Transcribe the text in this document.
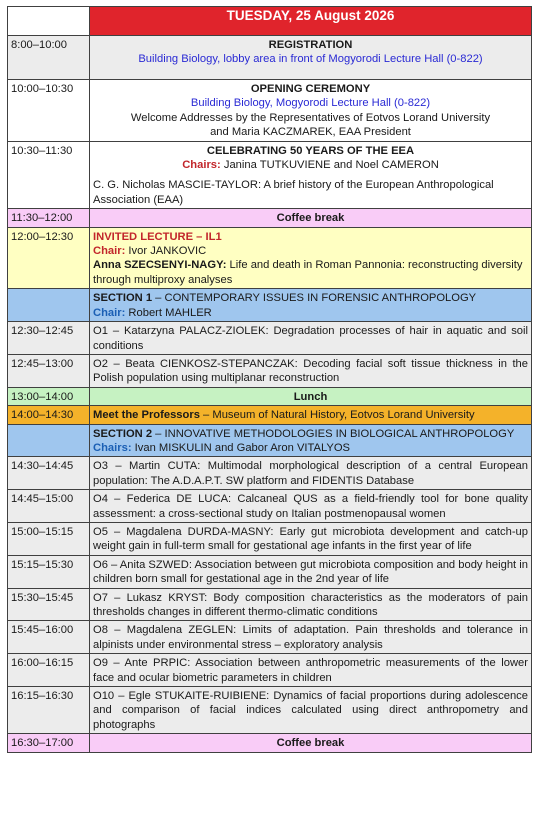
	TUESDAY, 25 August 2026
8:00–10:00	REGISTRATION
Building Biology, lobby area in front of Mogyorodi Lecture Hall (0-822)

10:00–10:30	OPENING CEREMONY
Building Biology, Mogyorodi Lecture Hall (0-822)
Welcome Addresses by the Representatives of Eotvos Lorand University
and Maria KACZMAREK, EAA President

10:30–11:30	CELEBRATING 50 YEARS OF THE EEA
Chairs: Janina TUTKUVIENE and Noel CAMERON
C. G. Nicholas MASCIE-TAYLOR: A brief history of the European Anthropological Association (EAA)

11:30–12:00	Coffee break
12:00–12:30	INVITED LECTURE – IL1
Chair: Ivor JANKOVIC
Anna SZECSENYI-NAGY: Life and death in Roman Pannonia: reconstructing diversity through multiproxy analyses

	SECTION 1 – CONTEMPORARY ISSUES IN FORENSIC ANTHROPOLOGY
Chair: Robert MAHLER

12:30–12:45	O1 – Katarzyna PALACZ-ZIOLEK: Degradation processes of hair in aquatic and soil conditions
12:45–13:00	O2 – Beata CIENKOSZ-STEPANCZAK: Decoding facial soft tissue thickness in the Polish population using multiplanar reconstruction
13:00–14:00	Lunch
14:00–14:30	Meet the Professors – Museum of Natural History, Eotvos Lorand University

	SECTION 2 – INNOVATIVE METHODOLOGIES IN BIOLOGICAL ANTHROPOLOGY
Chairs: Ivan MISKULIN and Gabor Aron VITALYOS

14:30–14:45	O3 – Martin CUTA: Multimodal morphological description of a central European population: The A.D.A.P.T. SW platform and FIDENTIS Database
14:45–15:00	O4 – Federica DE LUCA: Calcaneal QUS as a field-friendly tool for bone quality assessment: a cross-sectional study on Italian postmenopausal women
15:00–15:15	O5 – Magdalena DURDA-MASNY: Early gut microbiota development and catch-up weight gain in full-term small for gestational age infants in the first year of life
15:15–15:30	O6 – Anita SZWED: Association between gut microbiota composition and body height in children born small for gestational age in the 2nd year of life
15:30–15:45	O7 – Lukasz KRYST: Body composition characteristics as the moderators of pain thresholds changes in different thermo-climatic conditions
15:45–16:00	O8 – Magdalena ZEGLEN: Limits of adaptation. Pain thresholds and tolerance in alpinists under environmental stress – exploratory analysis
16:00–16:15	O9 – Ante PRPIC: Association between anthropometric measurements of the lower face and ocular biometric parameters in children
16:15–16:30	O10 – Egle STUKAITE-RUIBIENE: Dynamics of facial proportions during adolescence and comparison of facial indices calculated using direct anthropometry and photographs
16:30–17:00	Coffee break
